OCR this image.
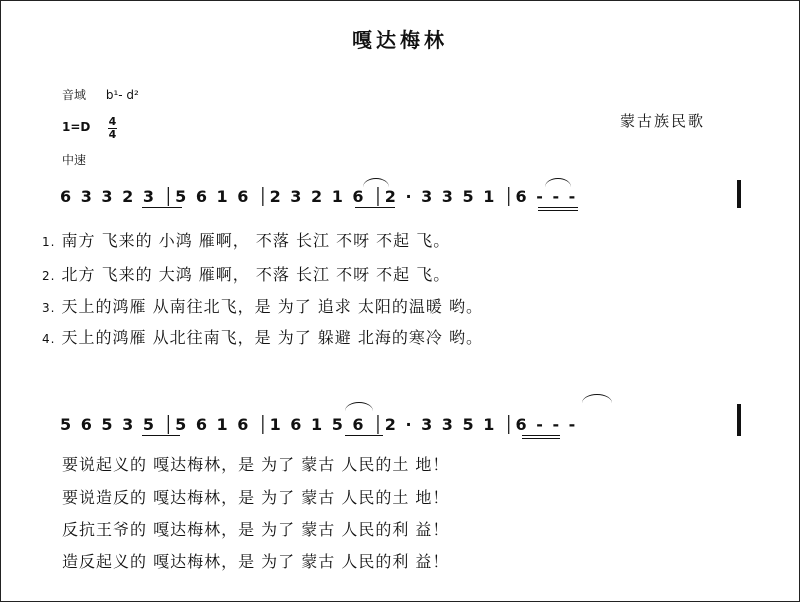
嘎达梅林
音域 b¹- d²
1=D 4
4
中速
蒙古族民歌
6 3 3 2 3 │5 6 1 6 │2 3 2 1 6 │2 · 3 3 5 1 │6 - - -
1. 南方 飞来的 小鸿 雁啊， 不落 长江 不呀 不起 飞。
2. 北方 飞来的 大鸿 雁啊， 不落 长江 不呀 不起 飞。
3. 天上的鸿雁 从南往北飞，是 为了 追求 太阳的温暖 哟。
4. 天上的鸿雁 从北往南飞，是 为了 躲避 北海的寒冷 哟。
5 6 5 3 5 │5 6 1 6 │1 6 1 5 6 │2 · 3 3 5 1 │6 - - -
要说起义的 嘎达梅林，是 为了 蒙古 人民的土 地！
要说造反的 嘎达梅林，是 为了 蒙古 人民的土 地！
反抗王爷的 嘎达梅林，是 为了 蒙古 人民的利 益！
造反起义的 嘎达梅林，是 为了 蒙古 人民的利 益！
